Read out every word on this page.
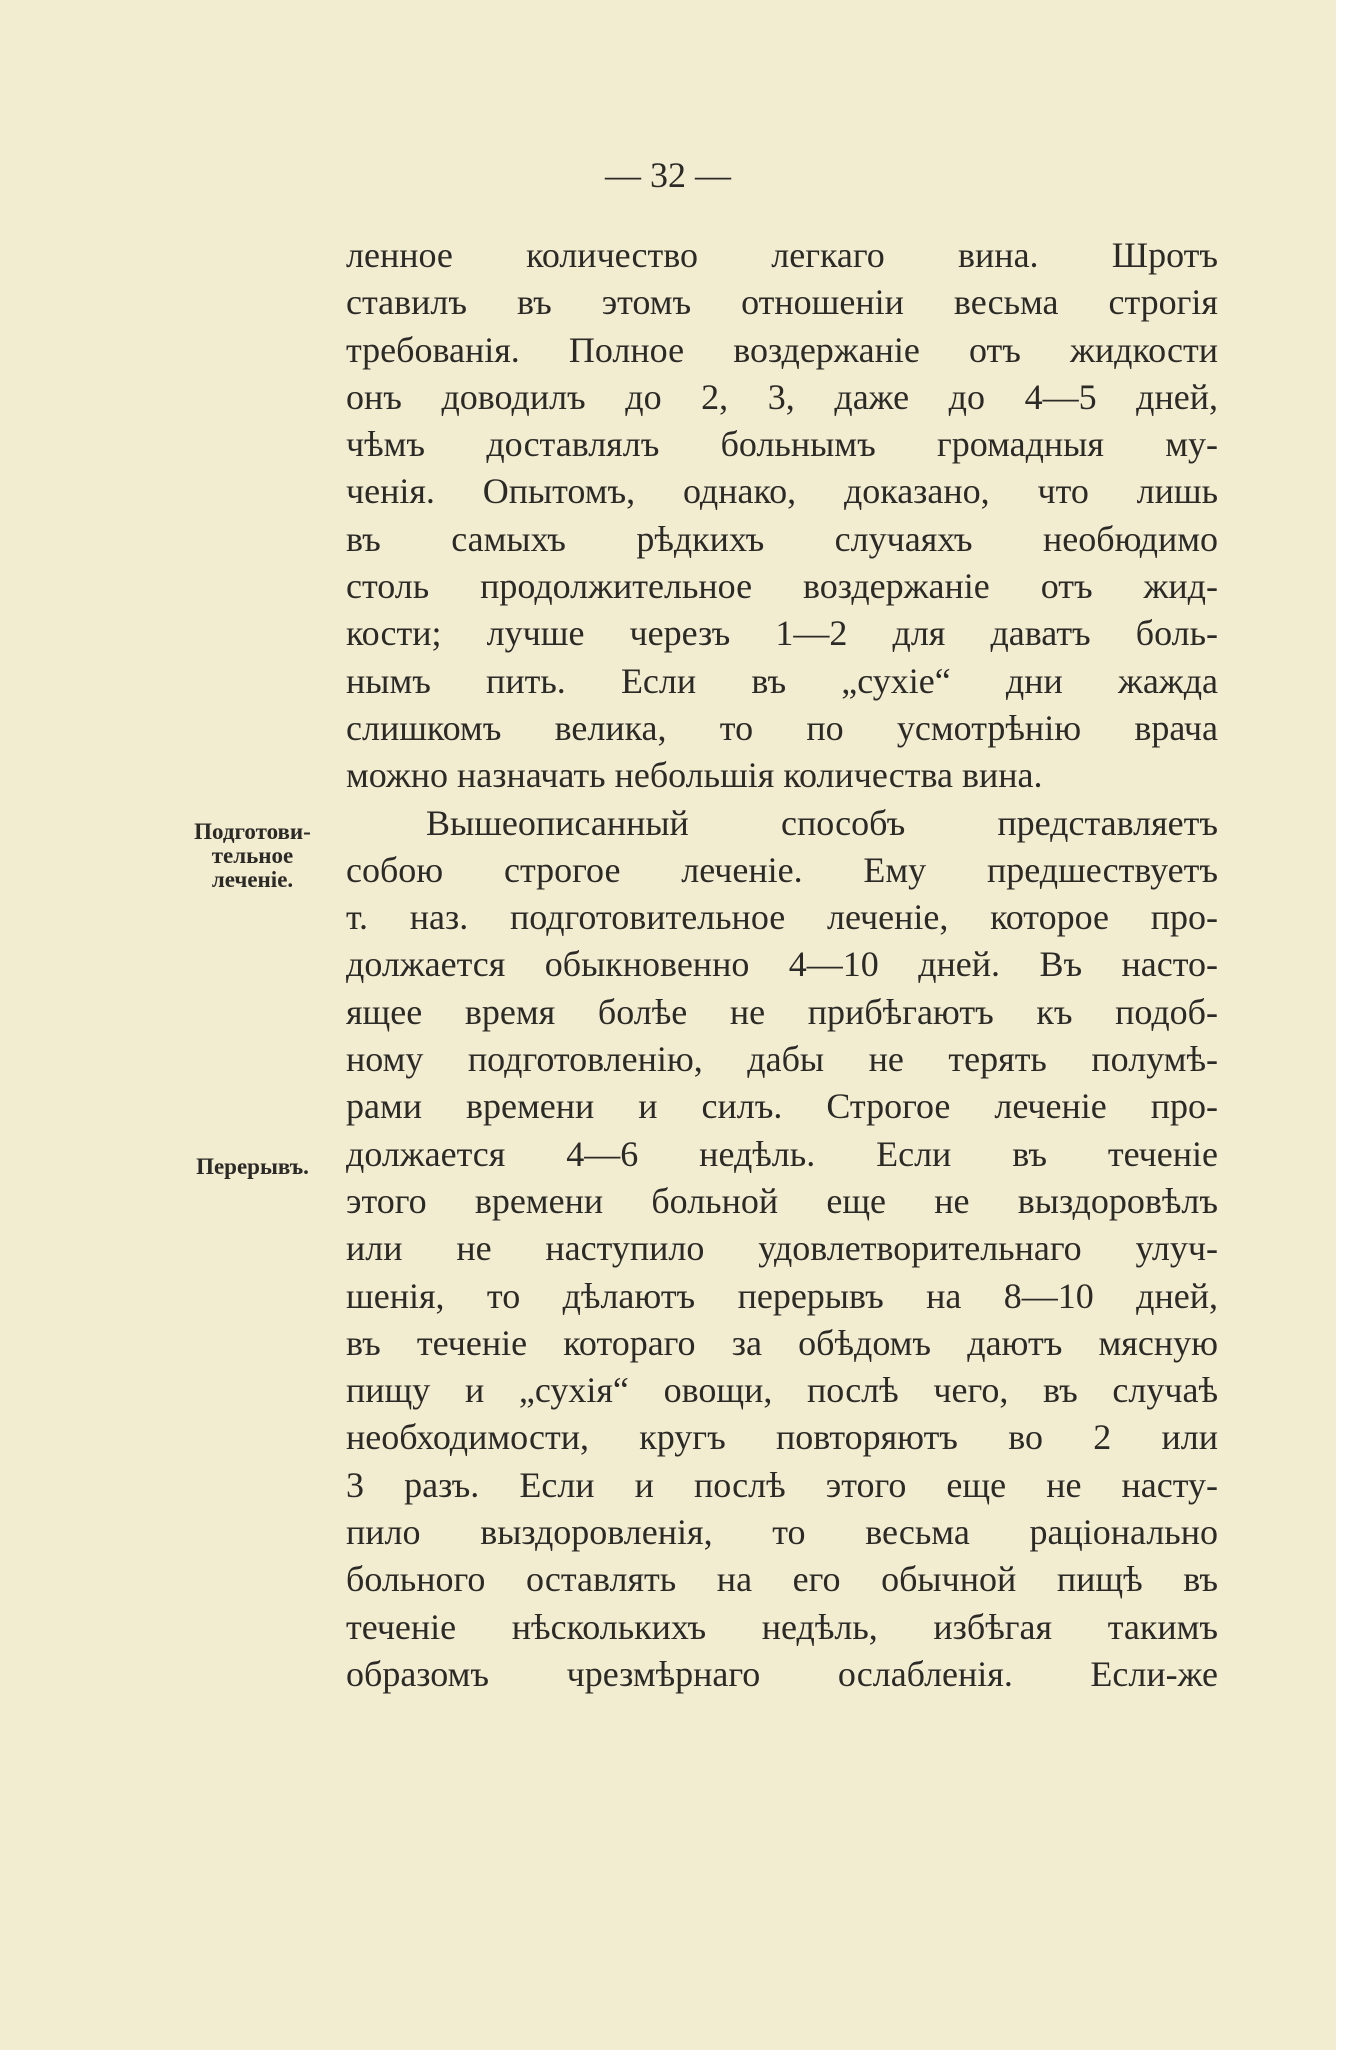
— 32 —

Подготови-
тельное
леченіе.

Перерывъ.

ленное количество легкаго вина. Шротъ
ставилъ въ этомъ отношеніи весьма строгія
требованія. Полное воздержаніе отъ жидкости
онъ доводилъ до 2, 3, даже до 4—5 дней,
чѣмъ доставлялъ больнымъ громадныя му-
ченія. Опытомъ, однако, доказано, что лишь
въ самыхъ рѣдкихъ случаяхъ необюдимо
столь продолжительное воздержаніе отъ жид-
кости; лучше черезъ 1—2 для даватъ боль-
нымъ пить. Если въ „сухіе“ дни жажда
слишкомъ велика, то по усмотрѣнію врача
можно назначать небольшія количества вина.
Вышеописанный способъ представляетъ
собою строгое леченіе. Ему предшествуетъ
т. наз. подготовительное леченіе, которое про-
должается обыкновенно 4—10 дней. Въ насто-
ящее время болѣе не прибѣгаютъ къ подоб-
ному подготовленію, дабы не терять полумѣ-
рами времени и силъ. Строгое леченіе про-
должается 4—6 недѣль. Если въ теченіе
этого времени больной еще не выздоровѣлъ
или не наступило удовлетворительнаго улуч-
шенія, то дѣлаютъ перерывъ на 8—10 дней,
въ теченіе котораго за обѣдомъ даютъ мясную
пищу и „сухія“ овощи, послѣ чего, въ случаѣ
необходимости, кругъ повторяютъ во 2 или
3 разъ. Если и послѣ этого еще не насту-
пило выздоровленія, то весьма раціонально
больного оставлять на его обычной пищѣ въ
теченіе нѣсколькихъ недѣль, избѣгая такимъ
образомъ чрезмѣрнаго ослабленія. Если-же
